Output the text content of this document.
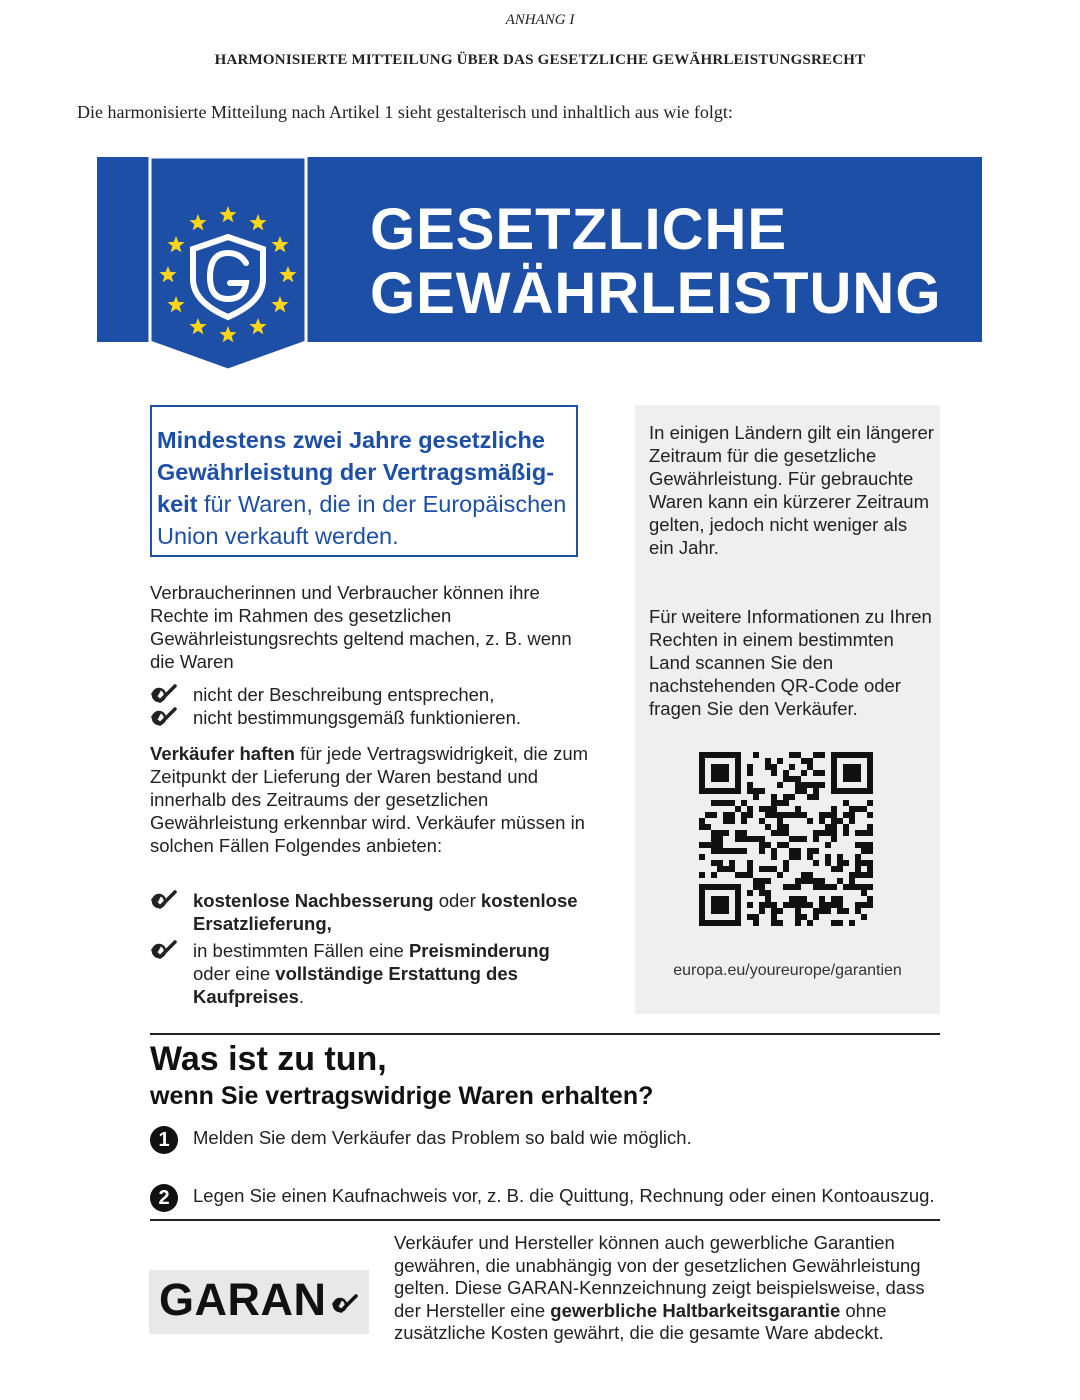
ANHANG I
HARMONISIERTE MITTEILUNG ÜBER DAS GESETZLICHE GEWÄHRLEISTUNGSRECHT
Die harmonisierte Mitteilung nach Artikel 1 sieht gestalterisch und inhaltlich aus wie folgt:
GESETZLICHE
GEWÄHRLEISTUNG
Mindestens zwei Jahre gesetzliche Gewährleistung der Vertragsmäßigkeit für Waren, die in der Europäischen Union verkauft werden.
Verbraucherinnen und Verbraucher können ihre Rechte im Rahmen des gesetzlichen Gewährleistungsrechts geltend machen, z. B. wenn die Waren
nicht der Beschreibung entsprechen,
nicht bestimmungsgemäß funktionieren.
Verkäufer haften für jede Vertragswidrigkeit, die zum Zeitpunkt der Lieferung der Waren bestand und innerhalb des Zeitraums der gesetzlichen Gewährleistung erkennbar wird. Verkäufer müssen in solchen Fällen Folgendes anbieten:
kostenlose Nachbesserung oder kostenlose Ersatzlieferung,
in bestimmten Fällen eine Preisminderung oder eine vollständige Erstattung des Kaufpreises.
In einigen Ländern gilt ein längerer Zeitraum für die gesetzliche Gewährleistung. Für gebrauchte Waren kann ein kürzerer Zeitraum gelten, jedoch nicht weniger als ein Jahr.
Für weitere Informationen zu Ihren Rechten in einem bestimmten Land scannen Sie den nachstehenden QR-Code oder fragen Sie den Verkäufer.
europa.eu/youreurope/garantien
Was ist zu tun,
wenn Sie vertragswidrige Waren erhalten?
1	Melden Sie dem Verkäufer das Problem so bald wie möglich.
2	Legen Sie einen Kaufnachweis vor, z. B. die Quittung, Rechnung oder einen Kontoauszug.
GARAN
Verkäufer und Hersteller können auch gewerbliche Garantien gewähren, die unabhängig von der gesetzlichen Gewährleistung gelten. Diese GARAN-Kennzeichnung zeigt beispielsweise, dass der Hersteller eine gewerbliche Haltbarkeitsgarantie ohne zusätzliche Kosten gewährt, die die gesamte Ware abdeckt.
